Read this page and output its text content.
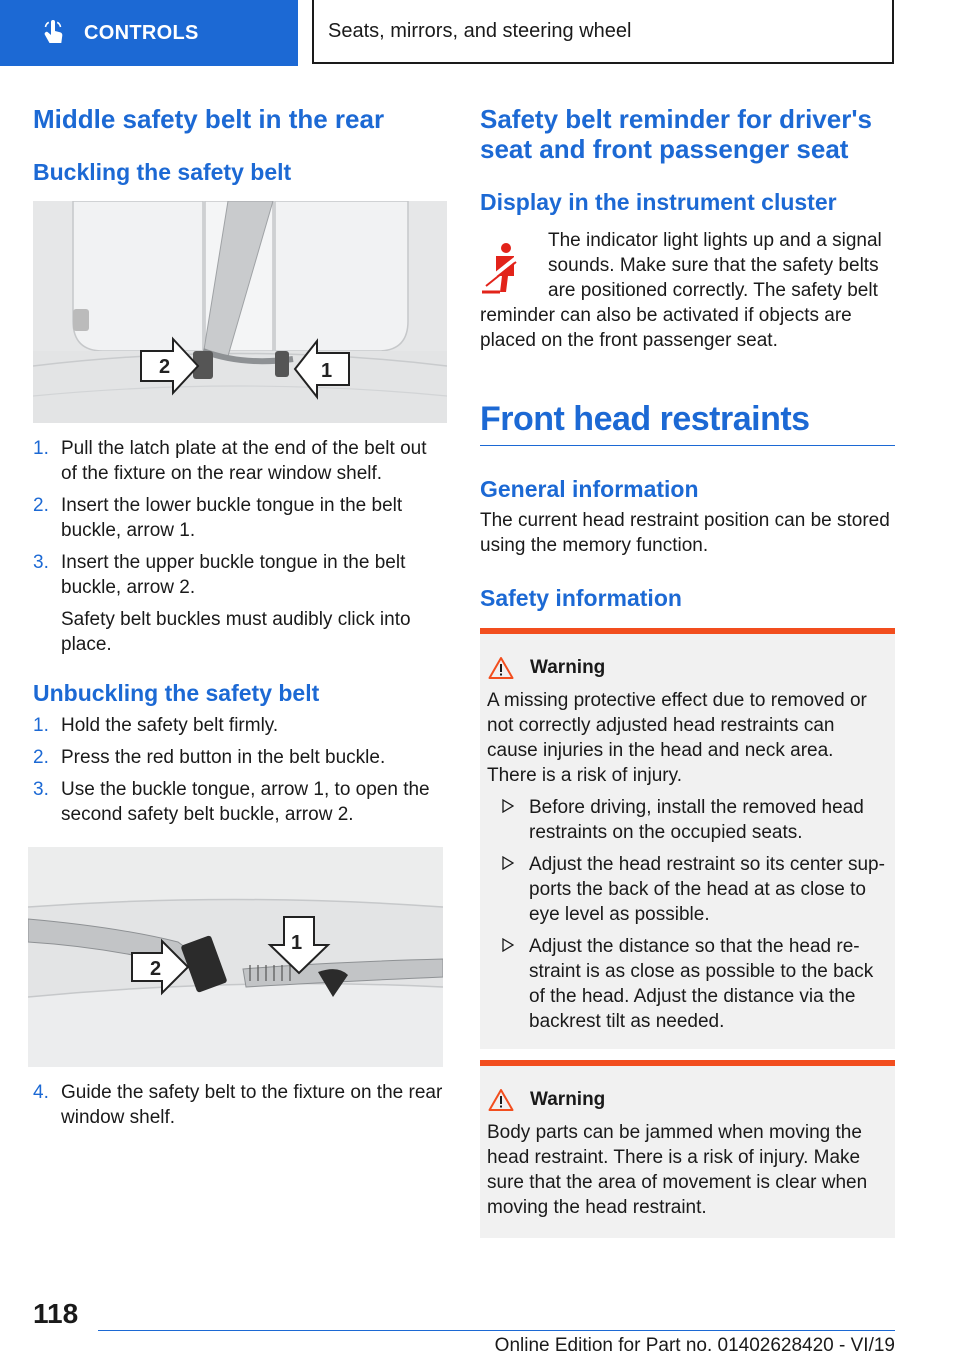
CONTROLS	Seats, mirrors, and steering wheel
Middle safety belt in the rear
Buckling the safety belt
2	1
1. Pull the latch plate at the end of the belt out of the fixture on the rear window shelf.
2. Insert the lower buckle tongue in the belt buckle, arrow 1.
3. Insert the upper buckle tongue in the belt buckle, arrow 2.
Safety belt buckles must audibly click into place.
Unbuckling the safety belt
1. Hold the safety belt firmly.
2. Press the red button in the belt buckle.
3. Use the buckle tongue, arrow 1, to open the second safety belt buckle, arrow 2.
2
1
4. Guide the safety belt to the fixture on the rear window shelf.
Safety belt reminder for driver's seat and front passenger seat
Display in the instrument cluster

The indicator light lights up and a signal sounds. Make sure that the safety belts are positioned correctly. The safety belt reminder can also be activated if objects are placed on the front passenger seat.

Front head restraints
General information

The current head restraint position can be stored using the memory function.

Safety information
Warning

A missing protective effect due to removed or not correctly adjusted head restraints can cause injuries in the head and neck area. There is a risk of injury.

Before driving, install the removed head restraints on the occupied seats.
Adjust the head restraint so its center supports the back of the head at as close to eye level as possible.
Adjust the distance so that the head restraint is as close as possible to the back of the head. Adjust the distance via the backrest tilt as needed.
Warning

Body parts can be jammed when moving the head restraint. There is a risk of injury. Make sure that the area of movement is clear when moving the head restraint.

118
Online Edition for Part no. 01402628420 - VI/19
